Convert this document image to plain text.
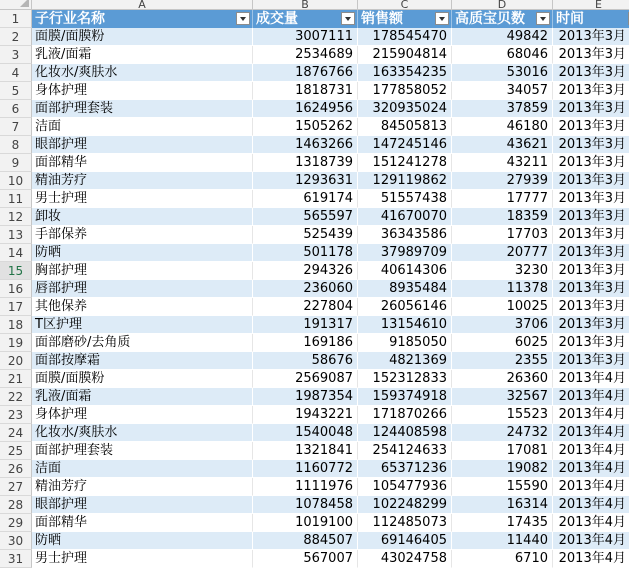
A	B	C	D	E
1	子行业名称	成交量	销售额	高质宝贝数	时间
2	面膜/面膜粉	3007111	178545470	49842 2013年3月
3	乳液/面霜	2534689	215904814	68046 2013年3月
4	化妆水/爽肤水	1876766	163354235	53016 2013年3月
5	身体护理	1818731	177858052	34057 2013年3月
6	面部护理套装	1624956	320935024	37859 2013年3月
7	洁面	1505262	84505813	46180 2013年3月
8	眼部护理	1463266	147245146	43621 2013年3月
9	面部精华	1318739	151241278	43211 2013年3月
10 精油芳疗	1293631	129119862	27939 2013年3月
11 男士护理	619174	51557438	17777 2013年3月
12 卸妆	565597	41670070	18359 2013年3月
13 手部保养	525439	36343586	17703 2013年3月
14 防晒	501178	37989709	20777 2013年3月
15 胸部护理	294326	40614306	3230 2013年3月
16 唇部护理	236060	8935484	11378 2013年3月
17 其他保养	227804	26056146	10025 2013年3月
18 T区护理	191317	13154610	3706 2013年3月
19 面部磨砂/去角质	169186	9185050	6025 2013年3月
20 面部按摩霜	58676	4821369	2355 2013年3月
21 面膜/面膜粉	2569087	152312833	26360 2013年4月
22 乳液/面霜	1987354	159374918	32567 2013年4月
23 身体护理	1943221	171870266	15523 2013年4月
24 化妆水/爽肤水	1540048	124408598	24732 2013年4月
25 面部护理套装	1321841	254124633	17081 2013年4月
26 洁面	1160772	65371236	19082 2013年4月
27 精油芳疗	1111976	105477936	15590 2013年4月
28 眼部护理	1078458	102248299	16314 2013年4月
29 面部精华	1019100	112485073	17435 2013年4月
30 防晒	884507	69146405	11440 2013年4月
31 男士护理	567007	43024758	6710 2013年4月
